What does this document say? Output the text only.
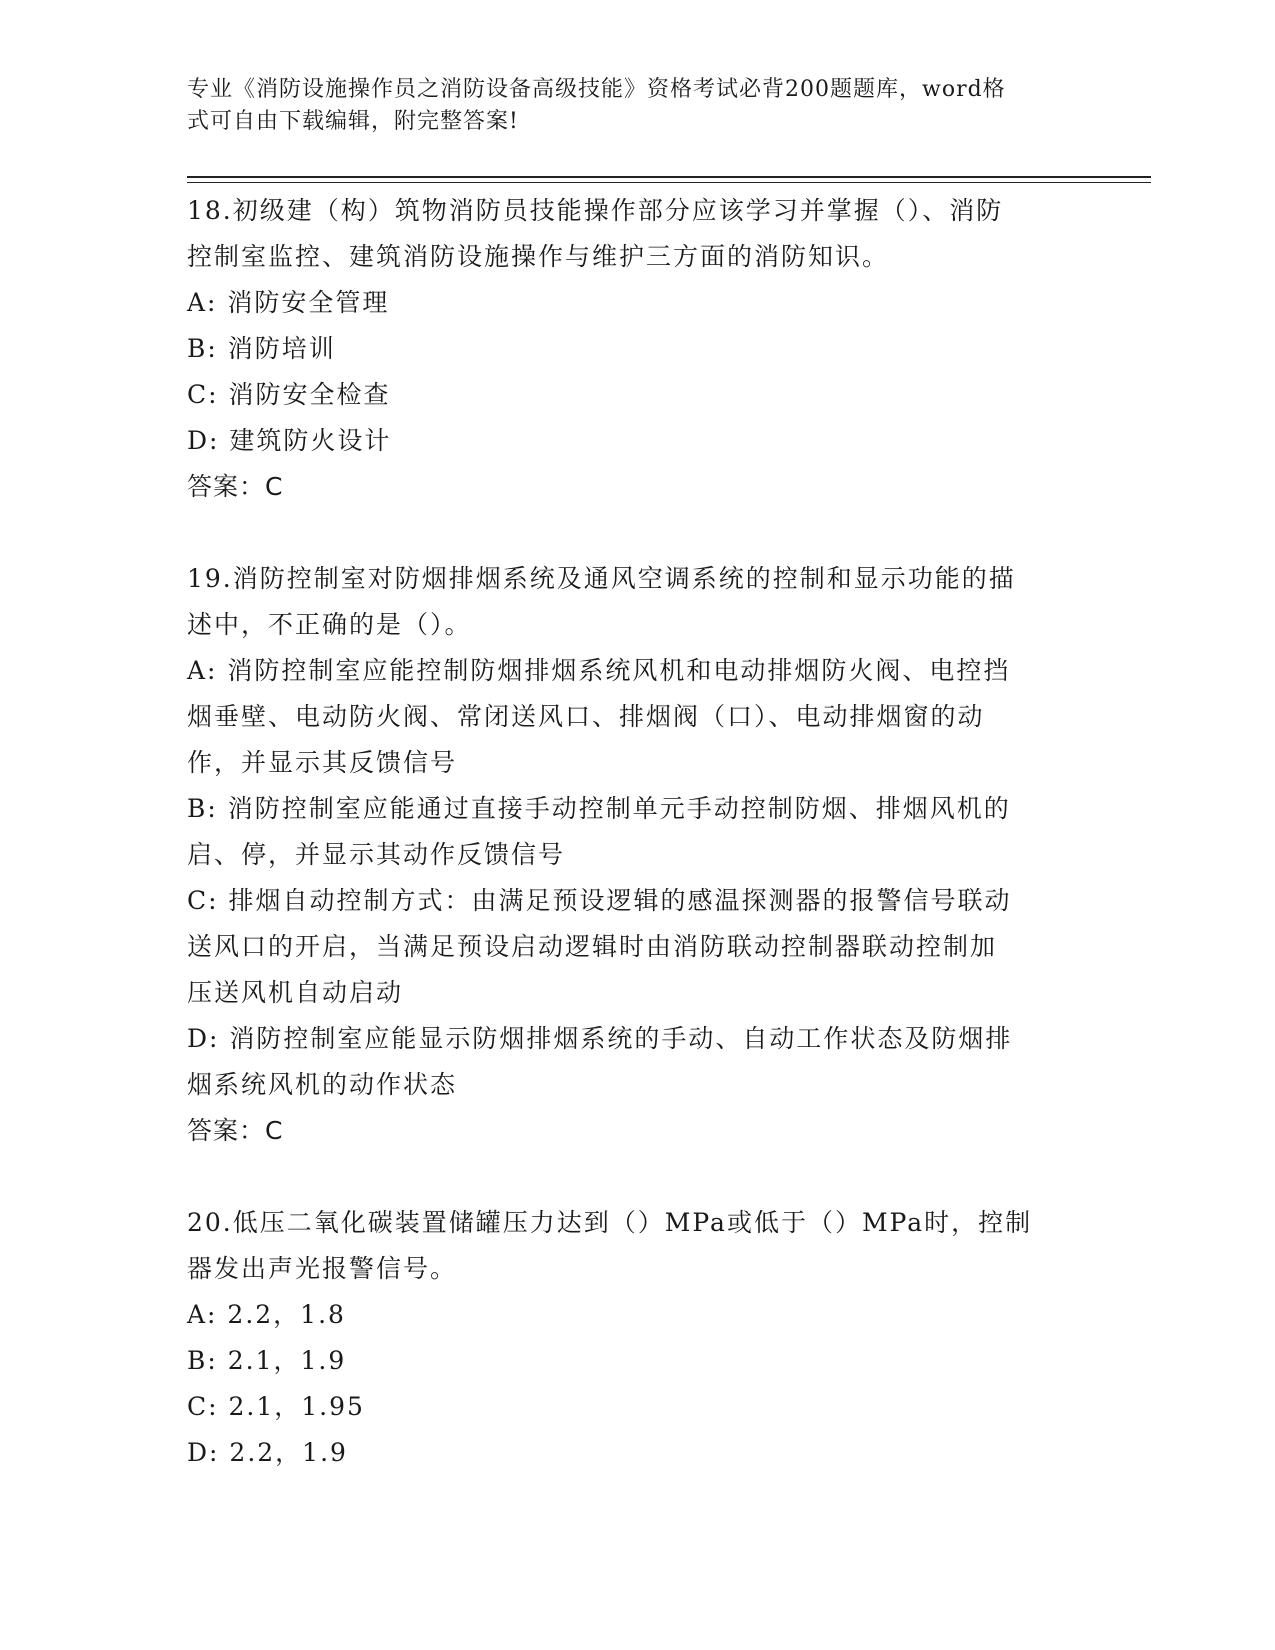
专业《消防设施操作员之消防设备高级技能》资格考试必背200题题库，word格
式可自由下载编辑，附完整答案!

18.初级建（构）筑物消防员技能操作部分应该学习并掌握（）、消防

控制室监控、建筑消防设施操作与维护三方面的消防知识。

A: 消防安全管理

B: 消防培训

C: 消防安全检查

D: 建筑防火设计

答案：C

19.消防控制室对防烟排烟系统及通风空调系统的控制和显示功能的描

述中，不正确的是（）。

A: 消防控制室应能控制防烟排烟系统风机和电动排烟防火阀、电控挡

烟垂壁、电动防火阀、常闭送风口、排烟阀（口）、电动排烟窗的动

作，并显示其反馈信号

B: 消防控制室应能通过直接手动控制单元手动控制防烟、排烟风机的

启、停，并显示其动作反馈信号

C: 排烟自动控制方式：由满足预设逻辑的感温探测器的报警信号联动

送风口的开启，当满足预设启动逻辑时由消防联动控制器联动控制加

压送风机自动启动

D: 消防控制室应能显示防烟排烟系统的手动、自动工作状态及防烟排

烟系统风机的动作状态

答案：C

20.低压二氧化碳装置储罐压力达到（）MPa或低于（）MPa时，控制

器发出声光报警信号。

A: 2.2，1.8

B: 2.1，1.9

C: 2.1，1.95

D: 2.2，1.9
